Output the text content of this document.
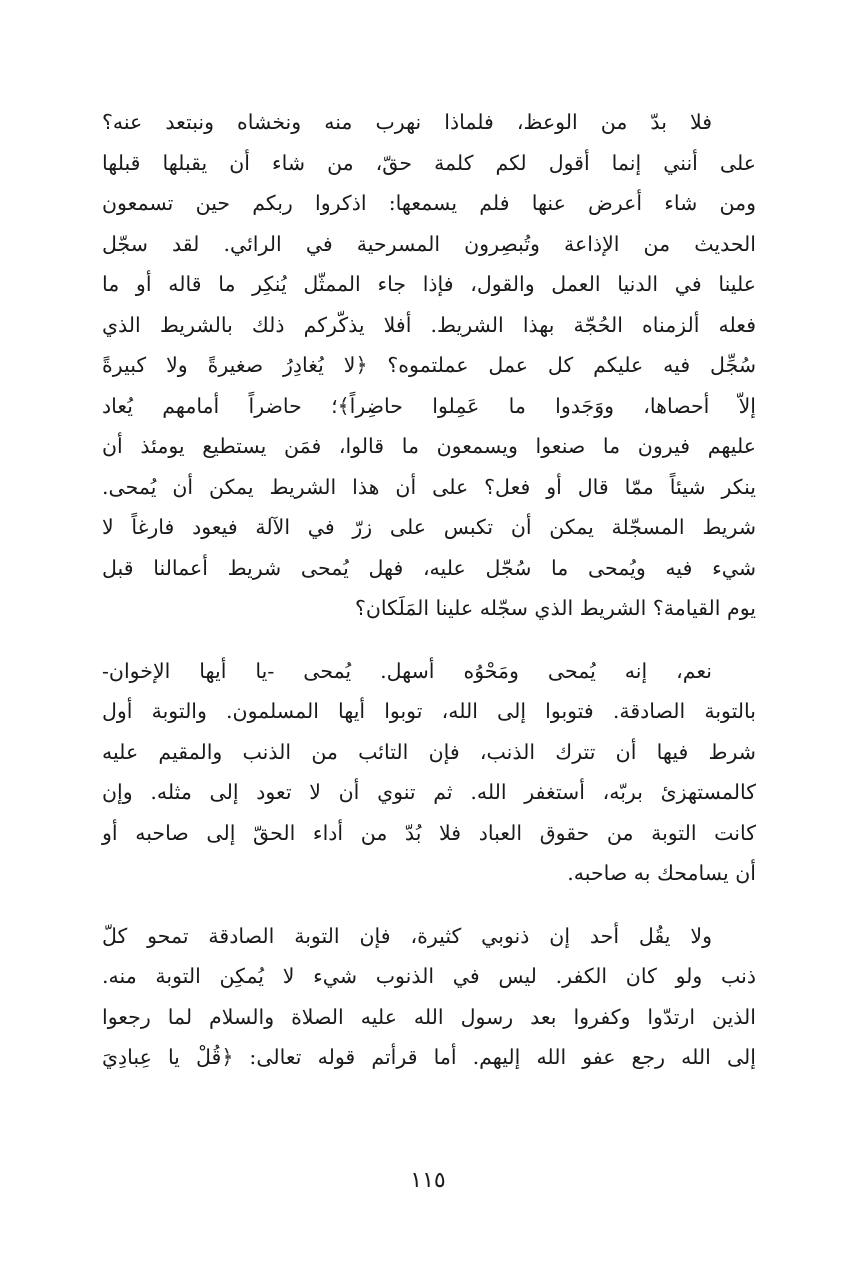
فلا بدّ من الوعظ، فلماذا نهرب منه ونخشاه ونبتعد عنه؟
على أنني إنما أقول لكم كلمة حقّ، من شاء أن يقبلها قبلها
ومن شاء أعرض عنها فلم يسمعها: اذكروا ربكم حين تسمعون
الحديث من الإذاعة وتُبصِرون المسرحية في الرائي. لقد سجّل
علينا في الدنيا العمل والقول، فإذا جاء الممثّل يُنكِر ما قاله أو ما
فعله ألزمناه الحُجّة بهذا الشريط. أفلا يذكّركم ذلك بالشريط الذي
سُجِّل فيه عليكم كل عمل عملتموه؟ ﴿لا يُغادِرُ صغيرةً ولا كبيرةً
إلاّ أحصاها، ووَجَدوا ما عَمِلوا حاضِراً﴾؛ حاضراً أمامهم يُعاد
عليهم فيرون ما صنعوا ويسمعون ما قالوا، فمَن يستطيع يومئذ أن
ينكر شيئاً ممّا قال أو فعل؟ على أن هذا الشريط يمكن أن يُمحى.
شريط المسجّلة يمكن أن تكبس على زرّ في الآلة فيعود فارغاً لا
شيء فيه ويُمحى ما سُجّل عليه، فهل يُمحى شريط أعمالنا قبل
يوم القيامة؟ الشريط الذي سجّله علينا المَلَكان؟

نعم، إنه يُمحى ومَحْوُه أسهل. يُمحى -يا أيها الإخوان-
بالتوبة الصادقة. فتوبوا إلى الله، توبوا أيها المسلمون. والتوبة أول
شرط فيها أن تترك الذنب، فإن التائب من الذنب والمقيم عليه
كالمستهزئ بربّه، أستغفر الله. ثم تنوي أن لا تعود إلى مثله. وإن
كانت التوبة من حقوق العباد فلا بُدّ من أداء الحقّ إلى صاحبه أو
أن يسامحك به صاحبه.

ولا يقُل أحد إن ذنوبي كثيرة، فإن التوبة الصادقة تمحو كلّ
ذنب ولو كان الكفر. ليس في الذنوب شيء لا يُمكِن التوبة منه.
الذين ارتدّوا وكفروا بعد رسول الله عليه الصلاة والسلام لما رجعوا
إلى الله رجع عفو الله إليهم. أما قرأتم قوله تعالى: ﴿قُلْ يا عِبادِيَ

١١٥
